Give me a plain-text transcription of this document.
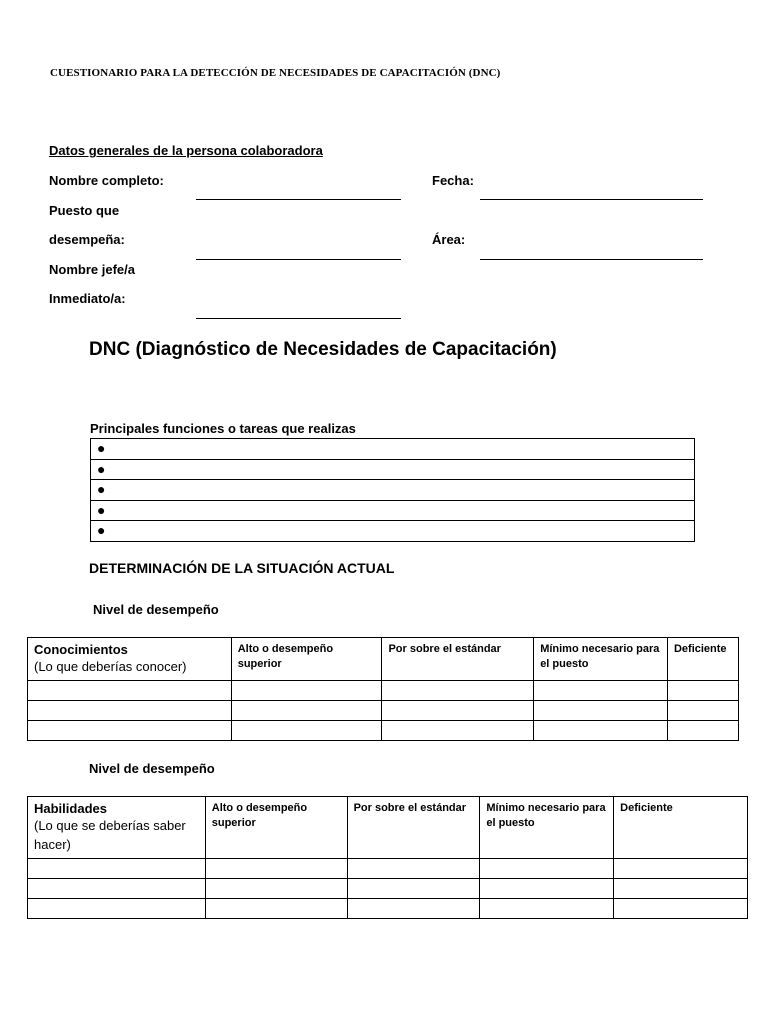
CUESTIONARIO PARA LA DETECCIÓN DE NECESIDADES DE CAPACITACIÓN (DNC)
Datos generales de la persona colaboradora
Nombre completo:	Fecha:
Puesto que
desempeña:	Área:
Nombre jefe/a
Inmediato/a:
DNC (Diagnóstico de Necesidades de Capacitación)
Principales funciones o tareas que realizas
●
●
●
●
●
DETERMINACIÓN DE LA SITUACIÓN ACTUAL
Nivel de desempeño
Conocimientos
(Lo que deberías conocer)	Alto o desempeño superior	Por sobre el estándar	Mínimo necesario para el puesto	Deficiente

Nivel de desempeño
Habilidades
(Lo que se deberías saber hacer)	Alto o desempeño superior	Por sobre el estándar	Mínimo necesario para el puesto	Deficiente
